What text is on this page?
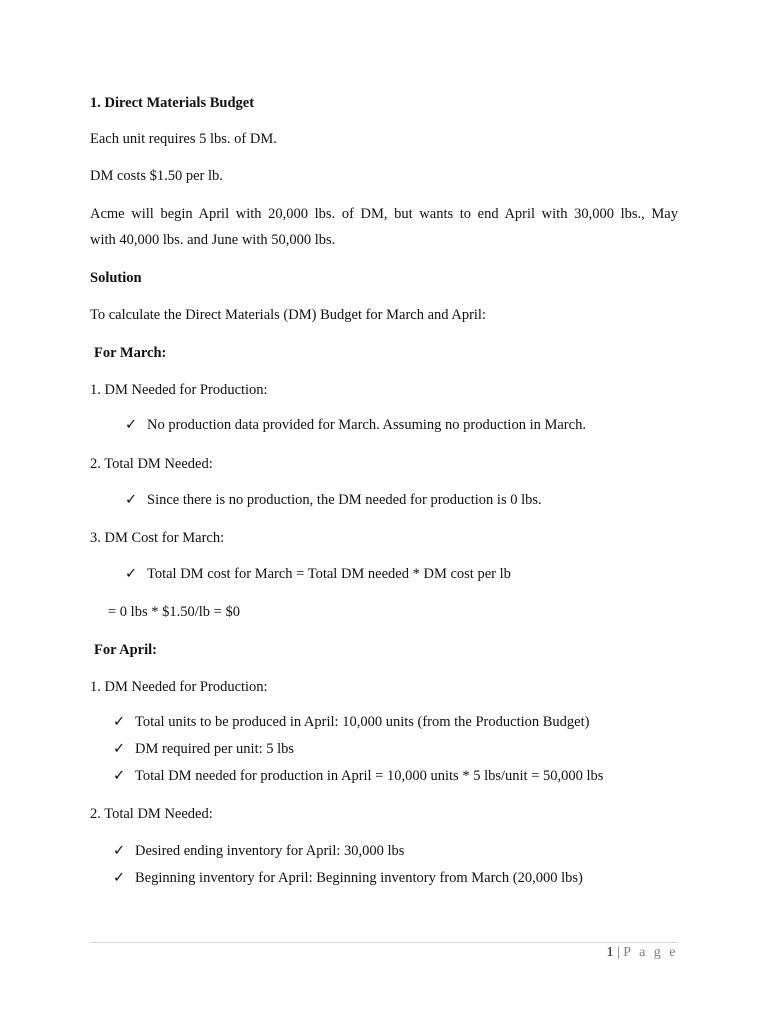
1. Direct Materials Budget
Each unit requires 5 lbs. of DM.
DM costs $1.50 per lb.
Acme will begin April with 20,000 lbs. of DM, but wants to end April with 30,000 lbs., May
with 40,000 lbs. and June with 50,000 lbs.
Solution
To calculate the Direct Materials (DM) Budget for March and April:
For March:
1. DM Needed for Production:
✓ No production data provided for March. Assuming no production in March.
2. Total DM Needed:
✓ Since there is no production, the DM needed for production is 0 lbs.
3. DM Cost for March:
✓ Total DM cost for March = Total DM needed * DM cost per lb
= 0 lbs * $1.50/lb = $0
For April:
1. DM Needed for Production:
✓ Total units to be produced in April: 10,000 units (from the Production Budget)
✓ DM required per unit: 5 lbs
✓ Total DM needed for production in April = 10,000 units * 5 lbs/unit = 50,000 lbs
2. Total DM Needed:
✓ Desired ending inventory for April: 30,000 lbs
✓ Beginning inventory for April: Beginning inventory from March (20,000 lbs)
1 | P a g e
